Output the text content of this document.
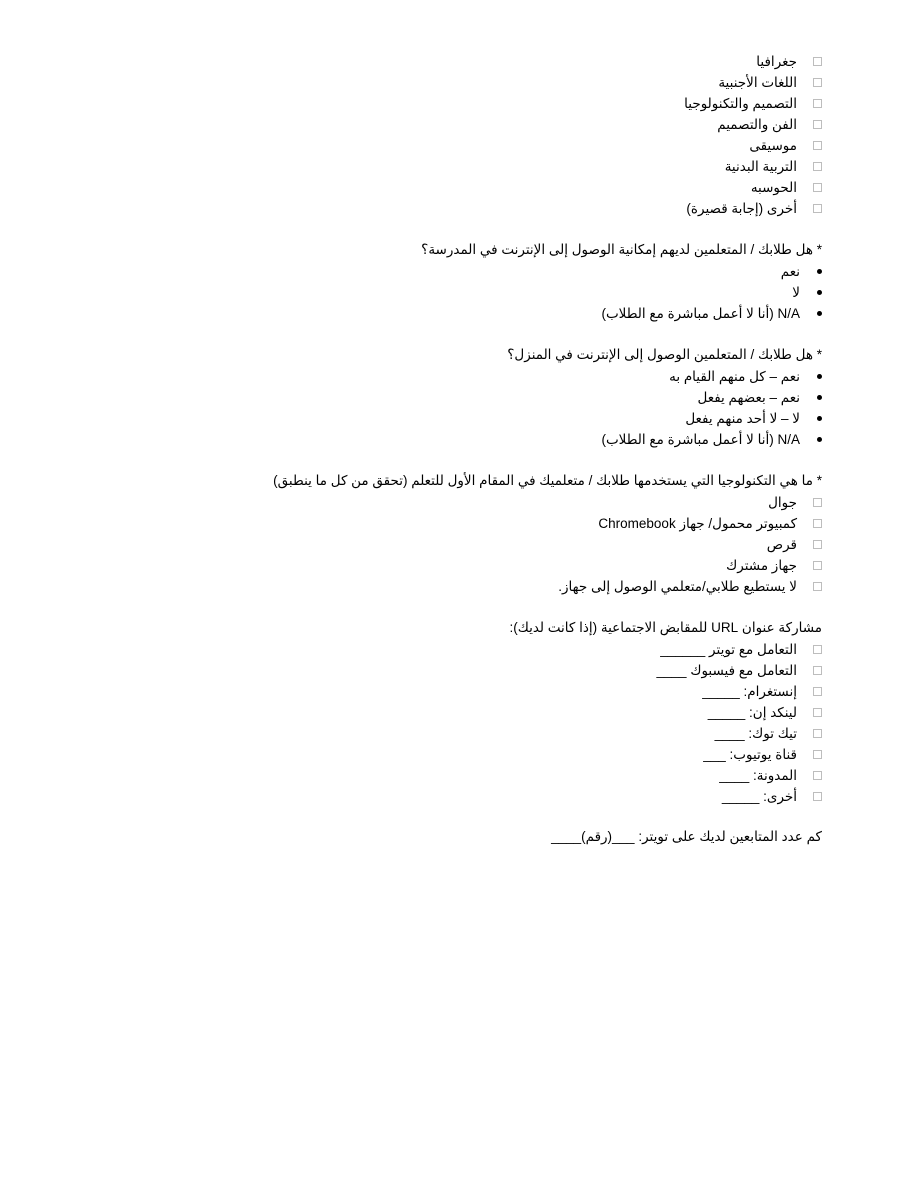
جغرافيا
اللغات الأجنبية
التصميم والتكنولوجيا
الفن والتصميم
موسيقى
التربية البدنية
الحوسبه
أخرى (إجابة قصيرة)
* هل طلابك / المتعلمين لديهم إمكانية الوصول إلى الإنترنت في المدرسة؟
نعم
لا
N/A (أنا لا أعمل مباشرة مع الطلاب)
* هل طلابك / المتعلمين الوصول إلى الإنترنت في المنزل؟
نعم – كل منهم القيام به
نعم – بعضهم يفعل
لا – لا أحد منهم يفعل
N/A (أنا لا أعمل مباشرة مع الطلاب)
* ما هي التكنولوجيا التي يستخدمها طلابك / متعلميك في المقام الأول للتعلم (تحقق من كل ما ينطبق)
جوال
كمبيوتر محمول/ جهاز Chromebook
قرص
جهاز مشترك
لا يستطيع طلابي/متعلمي الوصول إلى جهاز.
مشاركة عنوان URL للمقابض الاجتماعية (إذا كانت لديك):
التعامل مع تويتر ______
التعامل مع فيسبوك ____
إنستغرام: _____
لينكد إن: _____
تيك توك: ____
قناة يوتيوب: ___
المدونة: ____
أخرى: _____
كم عدد المتابعين لديك على تويتر: ___(رقم)____
